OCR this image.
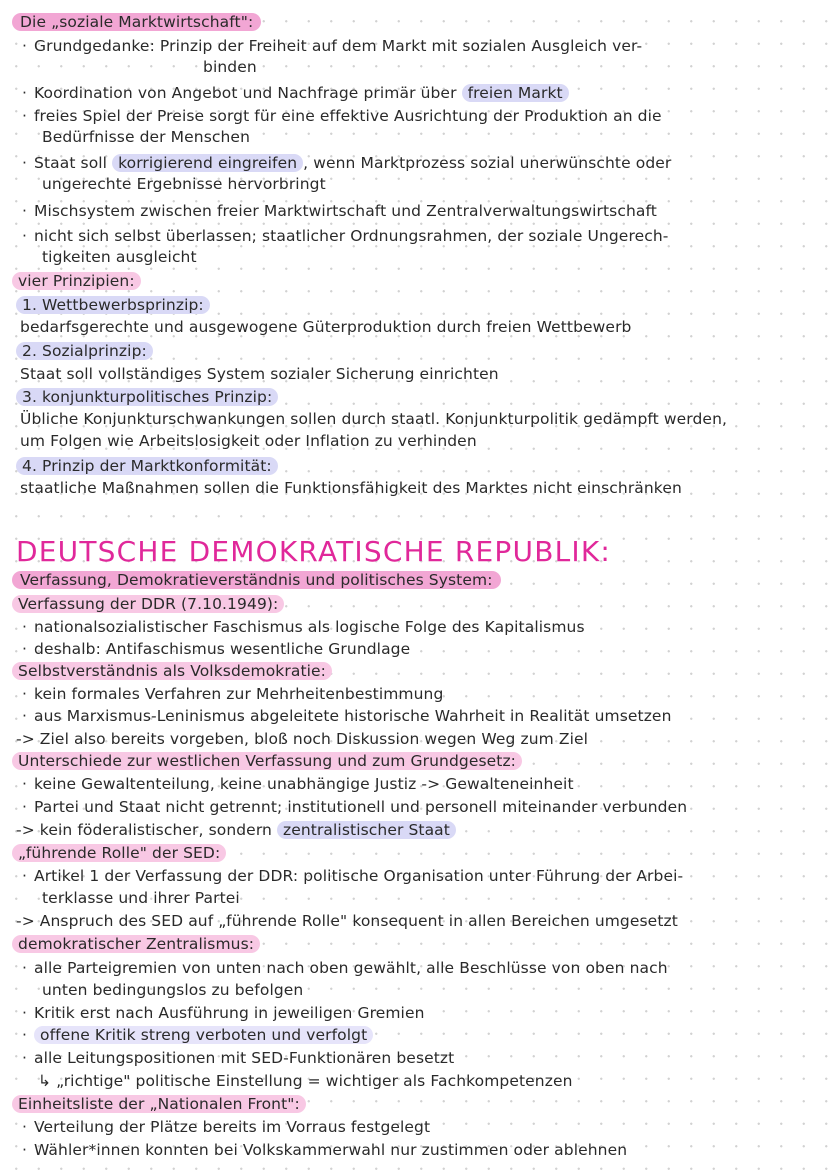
Die „soziale Marktwirtschaft":
· Grundgedanke: Prinzip der Freiheit auf dem Markt mit sozialen Ausgleich ver-
binden
· Koordination von Angebot und Nachfrage primär über freien Markt
· freies Spiel der Preise sorgt für eine effektive Ausrichtung der Produktion an die
Bedürfnisse der Menschen
· Staat soll korrigierend eingreifen , wenn Marktprozess sozial unerwünschte oder
ungerechte Ergebnisse hervorbringt
· Mischsystem zwischen freier Marktwirtschaft und Zentralverwaltungswirtschaft
· nicht sich selbst überlassen; staatlicher Ordnungsrahmen, der soziale Ungerech-
tigkeiten ausgleicht
vier Prinzipien:
1. Wettbewerbsprinzip:
bedarfsgerechte und ausgewogene Güterproduktion durch freien Wettbewerb
2. Sozialprinzip:
Staat soll vollständiges System sozialer Sicherung einrichten
3. konjunkturpolitisches Prinzip:
Übliche Konjunkturschwankungen sollen durch staatl. Konjunkturpolitik gedämpft werden,
um Folgen wie Arbeitslosigkeit oder Inflation zu verhinden
4. Prinzip der Marktkonformität:
staatliche Maßnahmen sollen die Funktionsfähigkeit des Marktes nicht einschränken
DEUTSCHE DEMOKRATISCHE REPUBLIK:
Verfassung, Demokratieverständnis und politisches System:
Verfassung der DDR (7.10.1949):
· nationalsozialistischer Faschismus als logische Folge des Kapitalismus
· deshalb: Antifaschismus wesentliche Grundlage
Selbstverständnis als Volksdemokratie:
· kein formales Verfahren zur Mehrheitenbestimmung
· aus Marxismus-Leninismus abgeleitete historische Wahrheit in Realität umsetzen
-> Ziel also bereits vorgeben, bloß noch Diskussion wegen Weg zum Ziel
Unterschiede zur westlichen Verfassung und zum Grundgesetz:
· keine Gewaltenteilung, keine unabhängige Justiz -> Gewalteneinheit
· Partei und Staat nicht getrennt; institutionell und personell miteinander verbunden
-> kein föderalistischer, sondern zentralistischer Staat
„führende Rolle" der SED:
· Artikel 1 der Verfassung der DDR: politische Organisation unter Führung der Arbei-
terklasse und ihrer Partei
-> Anspruch des SED auf „führende Rolle" konsequent in allen Bereichen umgesetzt
demokratischer Zentralismus:
· alle Parteigremien von unten nach oben gewählt, alle Beschlüsse von oben nach
unten bedingungslos zu befolgen
· Kritik erst nach Ausführung in jeweiligen Gremien
· offene Kritik streng verboten und verfolgt
· alle Leitungspositionen mit SED-Funktionären besetzt
↳ „richtige" politische Einstellung = wichtiger als Fachkompetenzen
Einheitsliste der „Nationalen Front":
· Verteilung der Plätze bereits im Vorraus festgelegt
· Wähler*innen konnten bei Volkskammerwahl nur zustimmen oder ablehnen
